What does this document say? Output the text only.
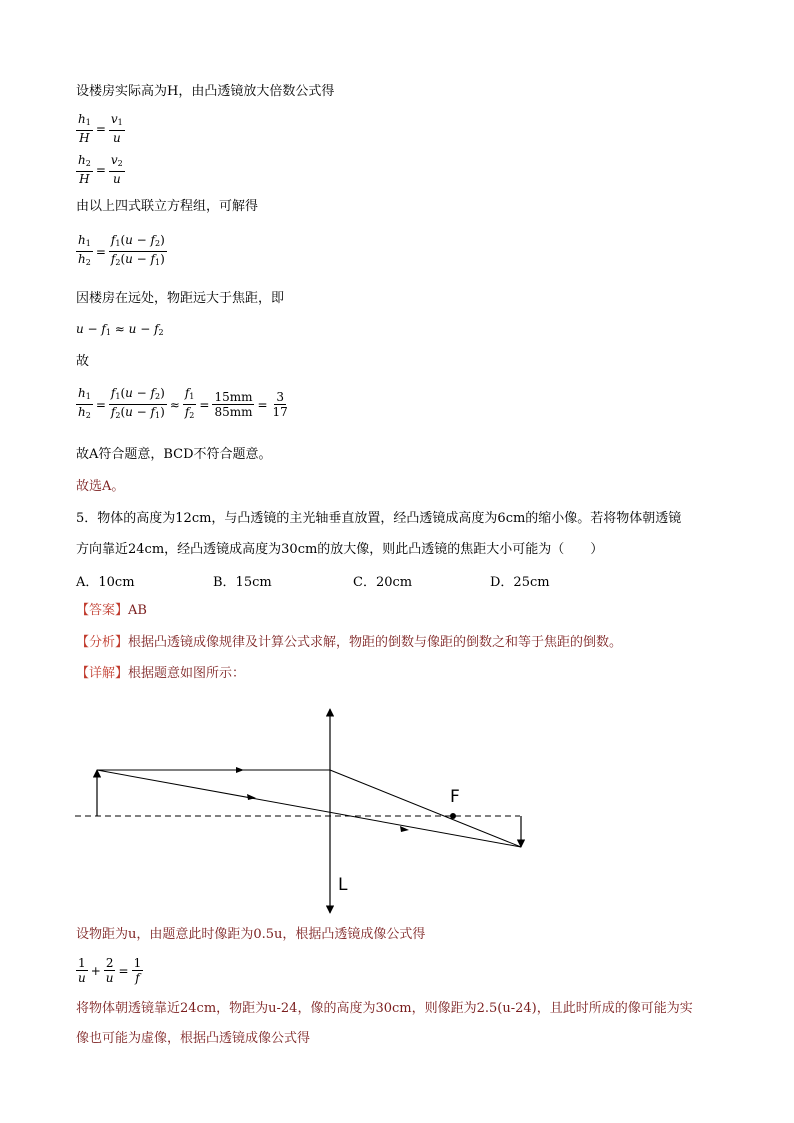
设楼房实际高为H，由凸透镜放大倍数公式得
$\frac{h_1}{H} = \frac{v_1}{u}$
$\frac{h_2}{H} = \frac{v_2}{u}$
由以上四式联立方程组，可解得
$\frac{h_1}{h_2} = \frac{f_1(u - f_2)}{f_2(u - f_1)}$
因楼房在远处，物距远大于焦距，即
$u - f_1 \approx u - f_2$
故
$\frac{h_1}{h_2} = \frac{f_1(u - f_2)}{f_2(u - f_1)} \approx \frac{f_1}{f_2} = \frac{15mm}{85mm} = \frac{3}{17}$
故A符合题意，BCD不符合题意。
故选A。
5．物体的高度为12cm，与凸透镜的主光轴垂直放置，经凸透镜成高度为6cm的缩小像。若将物体朝透镜
方向靠近24cm，经凸透镜成高度为30cm的放大像，则此凸透镜的焦距大小可能为（　　）
A．10cm	B．15cm	C．20cm	D．25cm
【答案】AB
【分析】根据凸透镜成像规律及计算公式求解，物距的倒数与像距的倒数之和等于焦距的倒数。
【详解】根据题意如图所示：
F
L
设物距为u，由题意此时像距为0.5u，根据凸透镜成像公式得
$\frac{1}{u} + \frac{2}{u} = \frac{1}{f}$
将物体朝透镜靠近24cm，物距为u-24，像的高度为30cm，则像距为2.5(u-24)，且此时所成的像可能为实
像也可能为虚像，根据凸透镜成像公式得
